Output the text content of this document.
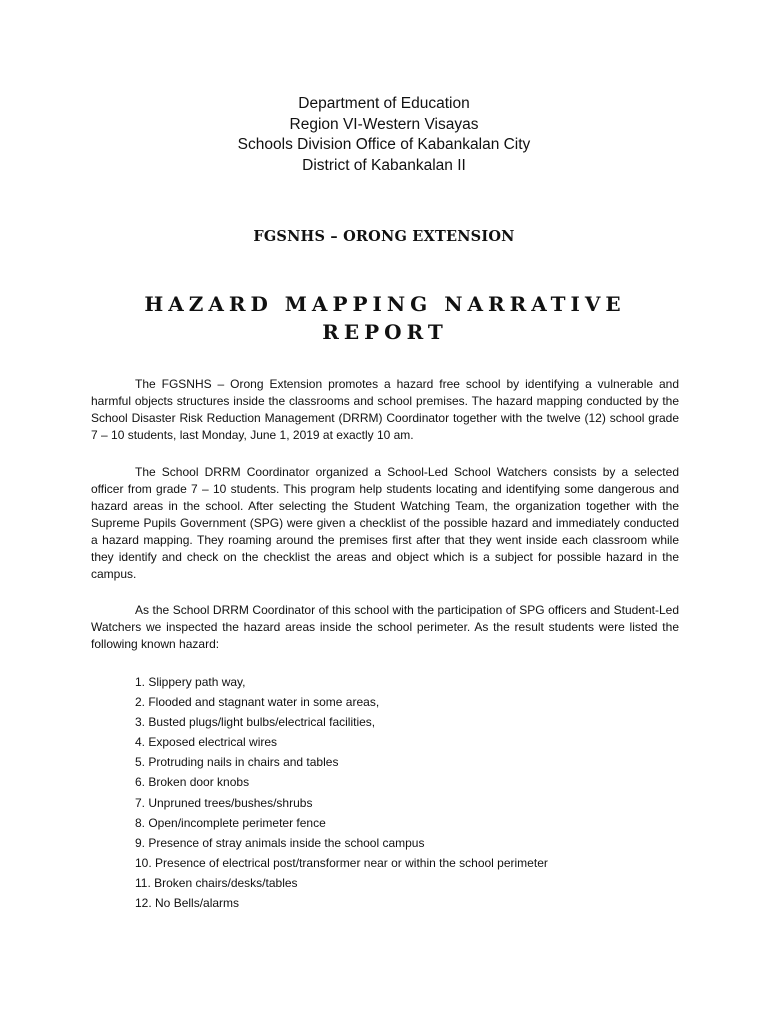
Department of Education
Region VI-Western Visayas
Schools Division Office of Kabankalan City
District of Kabankalan II
FGSNHS – ORONG EXTENSION
HAZARD MAPPING NARRATIVE
REPORT

The FGSNHS – Orong Extension promotes a hazard free school by identifying a vulnerable and harmful objects structures inside the classrooms and school premises. The hazard mapping conducted by the School Disaster Risk Reduction Management (DRRM) Coordinator together with the twelve (12) school grade 7 – 10 students, last Monday, June 1, 2019 at exactly 10 am.

The School DRRM Coordinator organized a School-Led School Watchers consists by a selected officer from grade 7 – 10 students. This program help students locating and identifying some dangerous and hazard areas in the school. After selecting the Student Watching Team, the organization together with the Supreme Pupils Government (SPG) were given a checklist of the possible hazard and immediately conducted a hazard mapping. They roaming around the premises first after that they went inside each classroom while they identify and check on the checklist the areas and object which is a subject for possible hazard in the campus.

As the School DRRM Coordinator of this school with the participation of SPG officers and Student-Led Watchers we inspected the hazard areas inside the school perimeter. As the result students were listed the following known hazard:

1. Slippery path way,
2. Flooded and stagnant water in some areas,
3. Busted plugs/light bulbs/electrical facilities,
4. Exposed electrical wires
5. Protruding nails in chairs and tables
6. Broken door knobs
7. Unpruned trees/bushes/shrubs
8. Open/incomplete perimeter fence
9. Presence of stray animals inside the school campus
10. Presence of electrical post/transformer near or within the school perimeter
11. Broken chairs/desks/tables
12. No Bells/alarms
